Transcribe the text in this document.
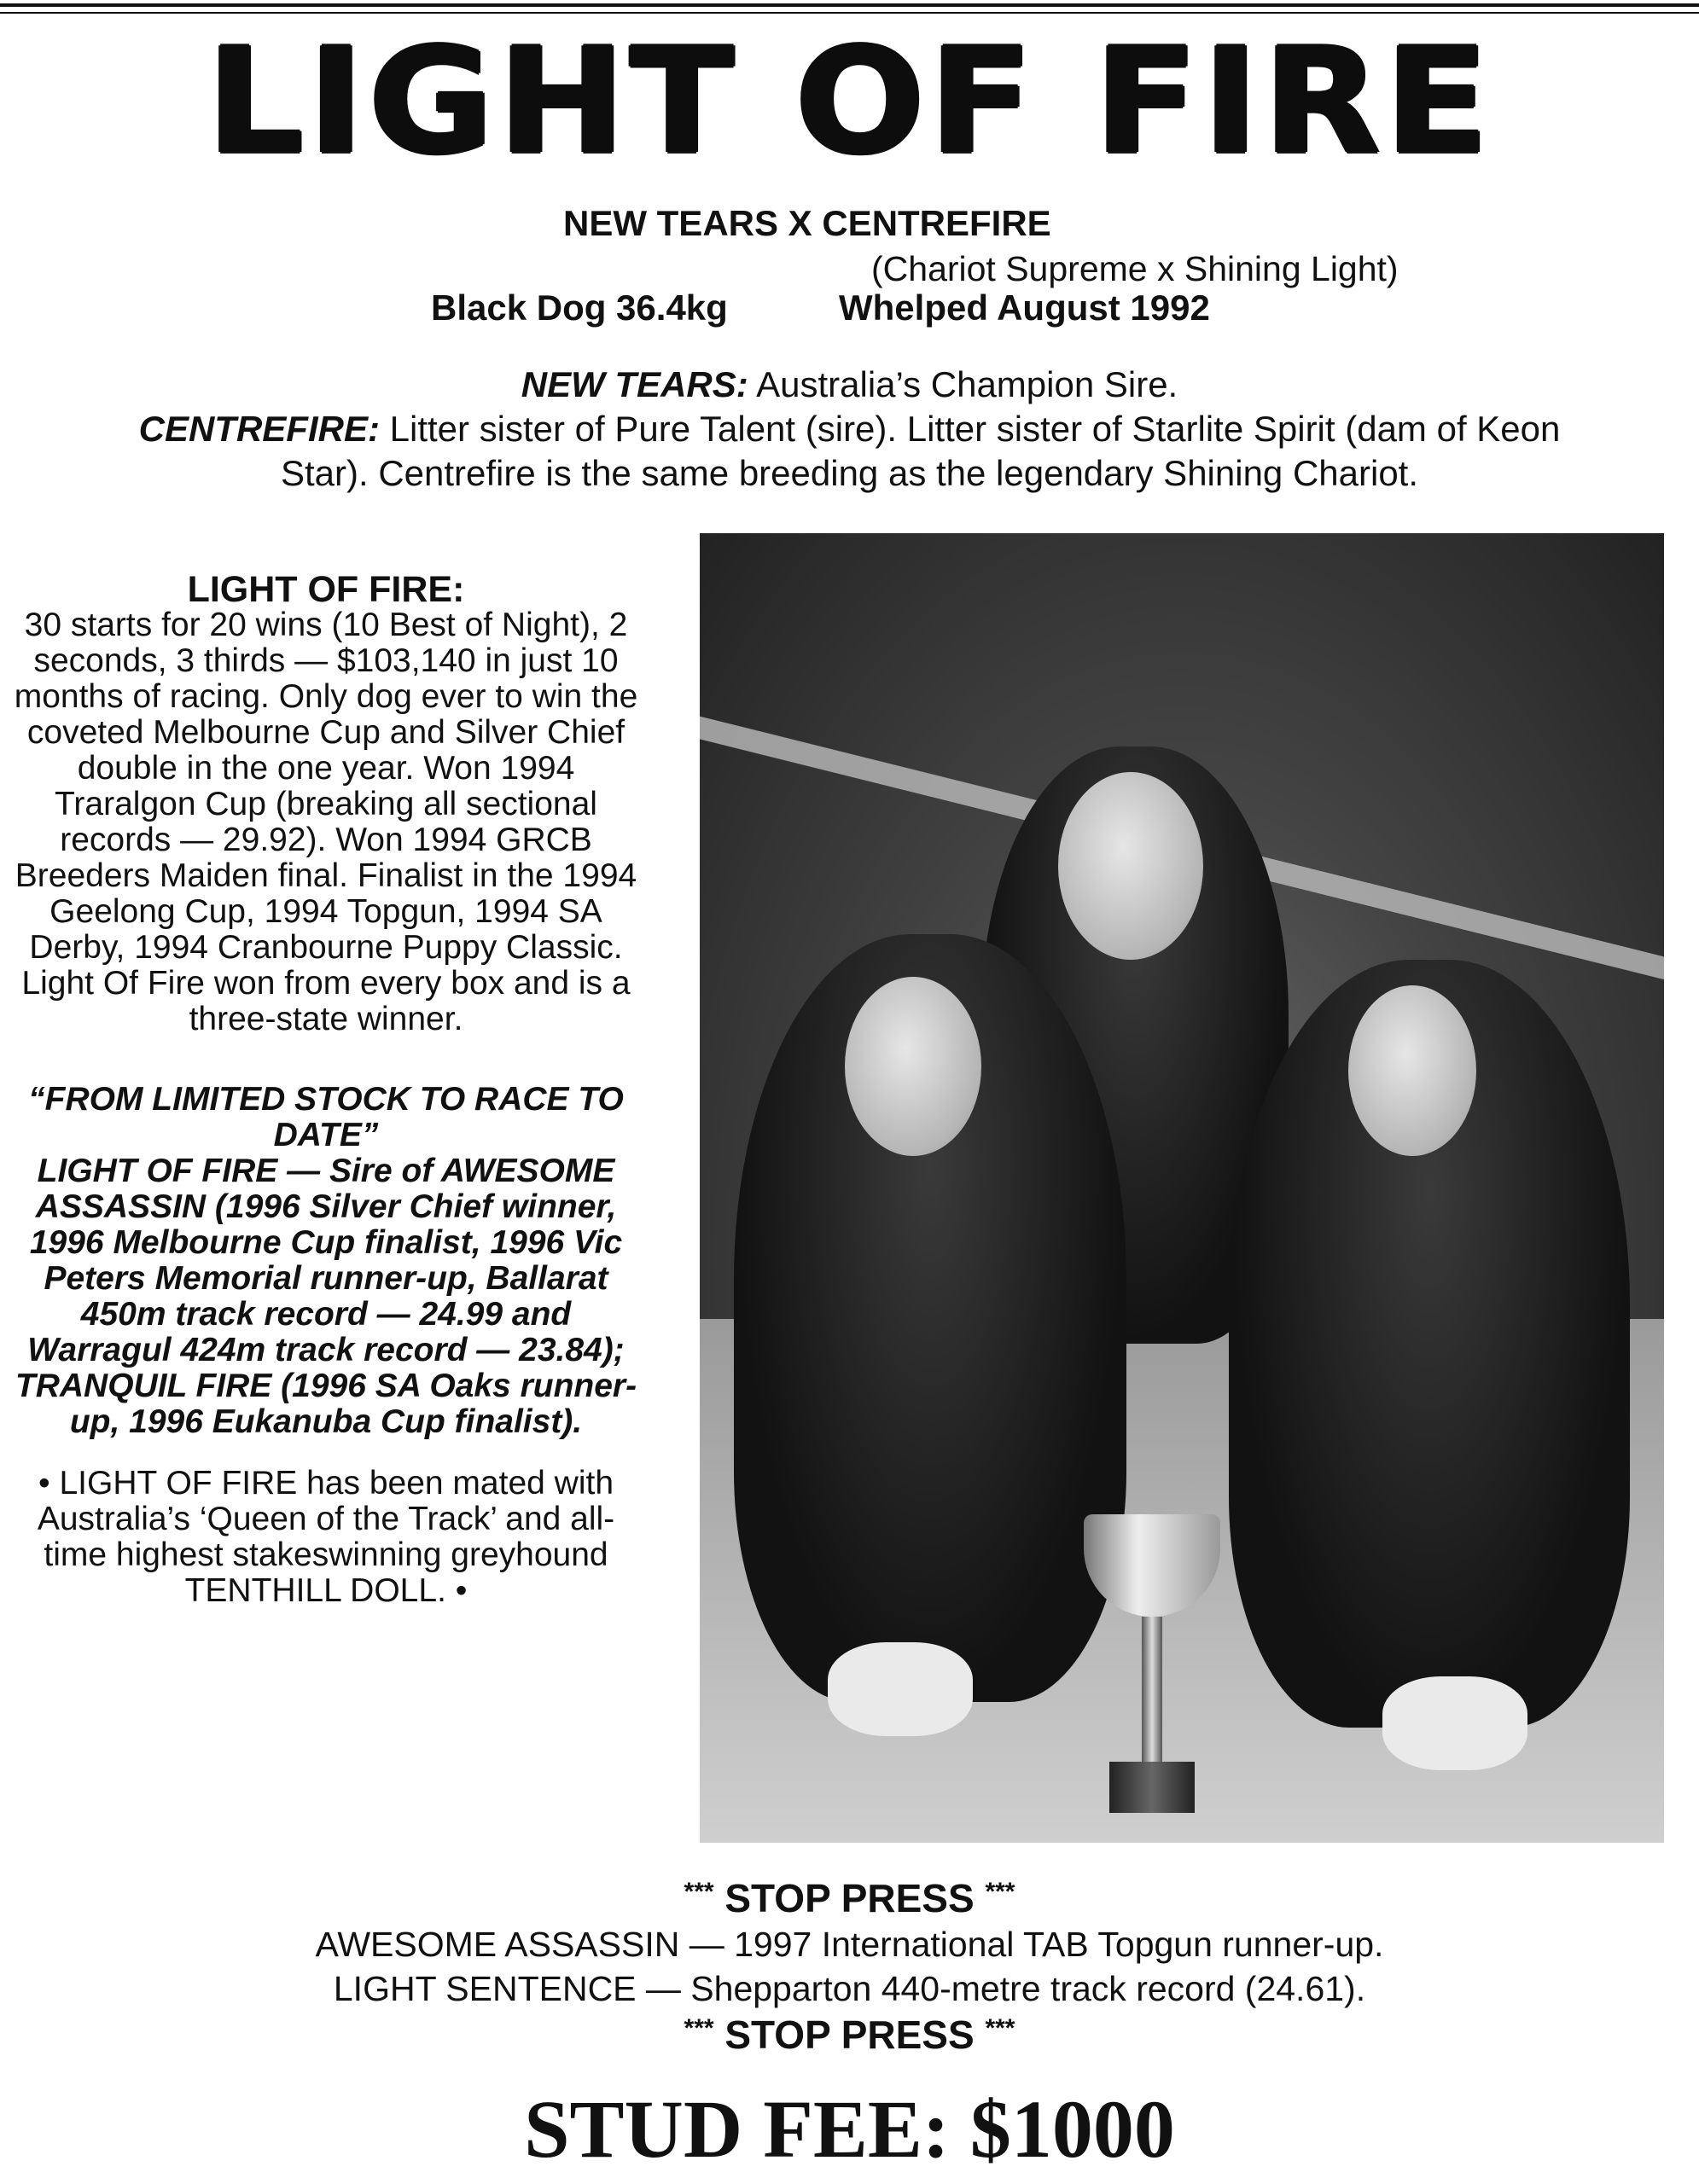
LIGHT OF FIRE
NEW TEARS X CENTREFIRE
(Chariot Supreme x Shining Light)
Black Dog 36.4kg	Whelped August 1992
NEW TEARS: Australia’s Champion Sire.
CENTREFIRE: Litter sister of Pure Talent (sire). Litter sister of Starlite Spirit (dam of Keon
Star). Centrefire is the same breeding as the legendary Shining Chariot.
LIGHT OF FIRE:

30 starts for 20 wins (10 Best of Night), 2 seconds, 3 thirds — $103,140 in just 10 months of racing. Only dog ever to win the coveted Melbourne Cup and Silver Chief double in the one year. Won 1994 Traralgon Cup (breaking all sectional records — 29.92). Won 1994 GRCB Breeders Maiden final. Finalist in the 1994 Geelong Cup, 1994 Topgun, 1994 SA Derby, 1994 Cranbourne Puppy Classic. Light Of Fire won from every box and is a three-state winner.

“FROM LIMITED STOCK TO RACE TO DATE”
LIGHT OF FIRE — Sire of AWESOME ASSASSIN (1996 Silver Chief winner, 1996 Melbourne Cup finalist, 1996 Vic Peters Memorial runner-up, Ballarat 450m track record — 24.99 and Warragul 424m track record — 23.84); TRANQUIL FIRE (1996 SA Oaks runner-up, 1996 Eukanuba Cup finalist).

• LIGHT OF FIRE has been mated with Australia’s ‘Queen of the Track’ and all-time highest stakeswinning greyhound TENTHILL DOLL. •

*** STOP PRESS ***
AWESOME ASSASSIN — 1997 International TAB Topgun runner-up.
LIGHT SENTENCE — Shepparton 440-metre track record (24.61).
*** STOP PRESS ***
STUD FEE: $1000
